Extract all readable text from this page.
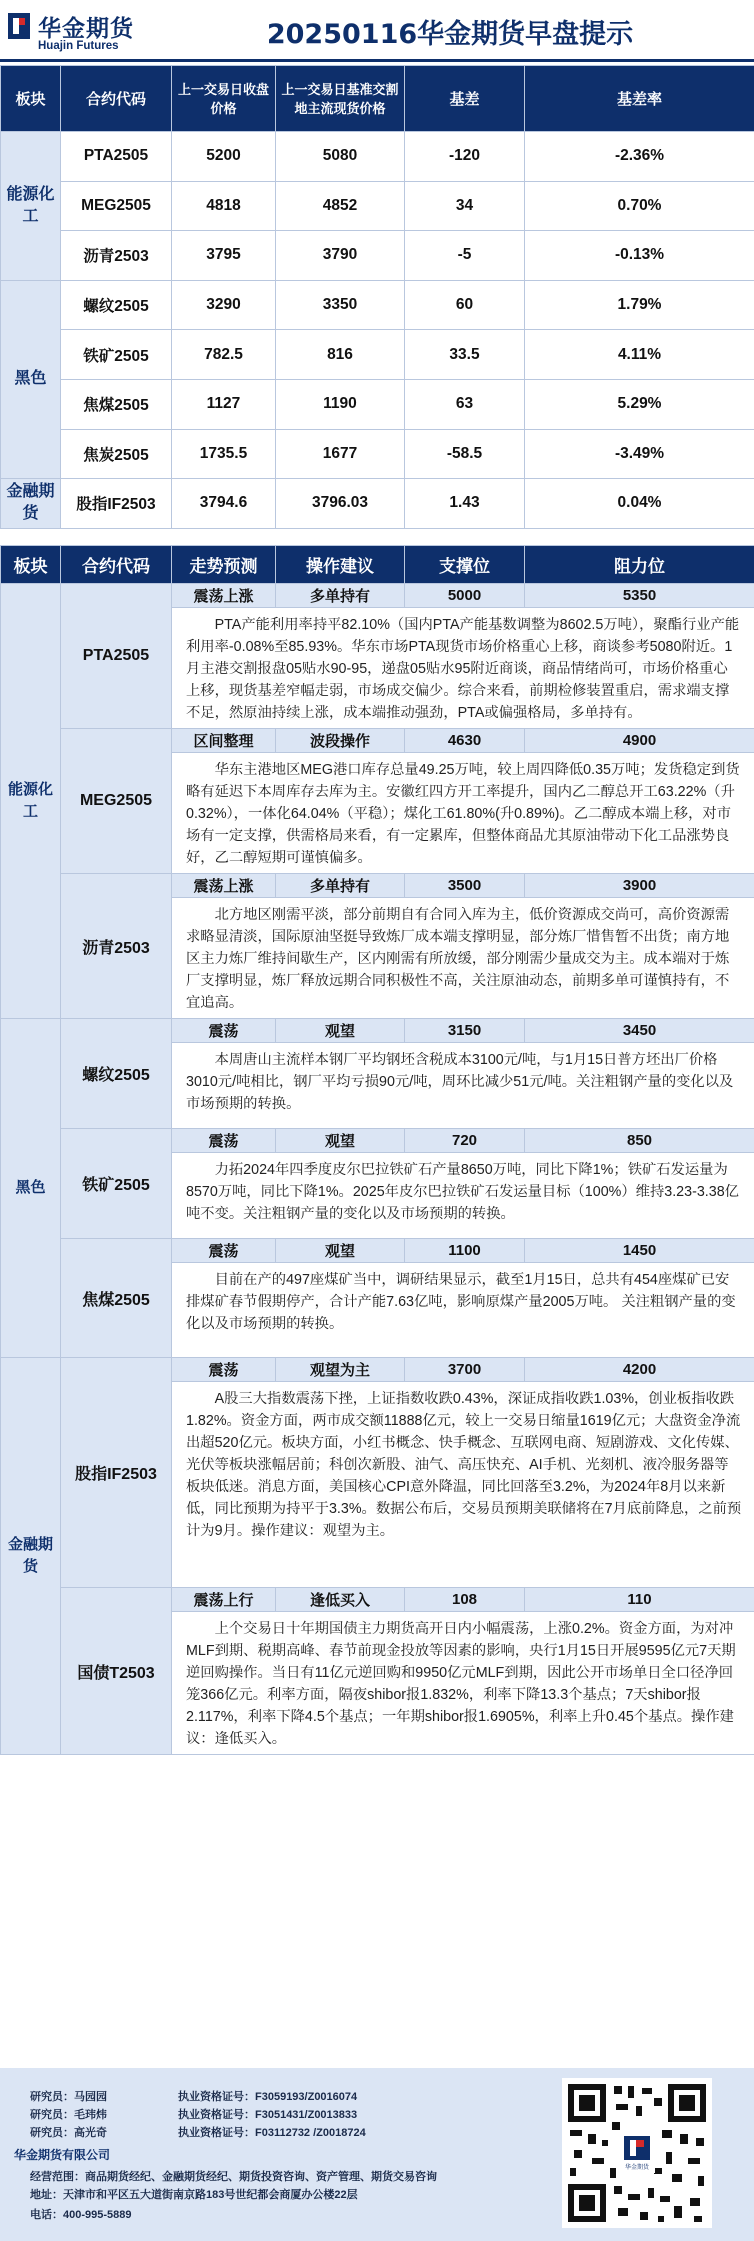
华金期货
Huajin Futures	20250116华金期货早盘提示
板块	合约代码	上一交易日收盘价格	上一交易日基准交割地主流现货价格	基差	基差率
能源化工	PTA2505	5200	5080	-120	-2.36%
	MEG2505	4818	4852	34	0.70%
	沥青2503	3795	3790	-5	-0.13%
黑色	螺纹2505	3290	3350	60	1.79%
	铁矿2505	782.5	816	33.5	4.11%
	焦煤2505	1127	1190	63	5.29%
	焦炭2505	1735.5	1677	-58.5	-3.49%
金融期货	股指IF2503	3794.6	3796.03	1.43	0.04%
板块	合约代码	走势预测	操作建议	支撑位	阻力位
能源化工	PTA2505	震荡上涨	多单持有	5000	5350
		PTA产能利用率持平82.10%（国内PTA产能基数调整为8602.5万吨），聚酯行业产能利用率-0.08%至85.93%。华东市场PTA现货市场价格重心上移，商谈参考5080附近。1月主港交割报盘05贴水90-95，递盘05贴水95附近商谈，商品情绪尚可，市场价格重心上移，现货基差窄幅走弱，市场成交偏少。综合来看，前期检修装置重启，需求端支撑不足，然原油持续上涨，成本端推动强劲，PTA或偏强格局，多单持有。			
	MEG2505	区间整理	波段操作	4630	4900
		华东主港地区MEG港口库存总量49.25万吨，较上周四降低0.35万吨；发货稳定到货略有延迟下本周库存去库为主。安徽红四方开工率提升，国内乙二醇总开工63.22%（升0.32%），一体化64.04%（平稳）；煤化工61.80%(升0.89%)。乙二醇成本端上移，对市场有一定支撑，供需格局来看，有一定累库，但整体商品尤其原油带动下化工品涨势良好，乙二醇短期可谨慎偏多。			
	沥青2503	震荡上涨	多单持有	3500	3900
		北方地区刚需平淡，部分前期自有合同入库为主，低价资源成交尚可，高价资源需求略显清淡，国际原油坚挺导致炼厂成本端支撑明显，部分炼厂惜售暂不出货；南方地区主力炼厂维持间歇生产，区内刚需有所放缓，部分刚需少量成交为主。成本端对于炼厂支撑明显，炼厂释放远期合同积极性不高，关注原油动态，前期多单可谨慎持有，不宜追高。			
黑色	螺纹2505	震荡	观望	3150	3450
		本周唐山主流样本钢厂平均钢坯含税成本3100元/吨，与1月15日普方坯出厂价格3010元/吨相比，钢厂平均亏损90元/吨，周环比减少51元/吨。关注粗钢产量的变化以及市场预期的转换。			
	铁矿2505	震荡	观望	720	850
		力拓2024年四季度皮尔巴拉铁矿石产量8650万吨，同比下降1%；铁矿石发运量为8570万吨，同比下降1%。2025年皮尔巴拉铁矿石发运量目标（100%）维持3.23-3.38亿吨不变。关注粗钢产量的变化以及市场预期的转换。			
	焦煤2505	震荡	观望	1100	1450
		目前在产的497座煤矿当中，调研结果显示，截至1月15日，总共有454座煤矿已安排煤矿春节假期停产，合计产能7.63亿吨，影响原煤产量2005万吨。 关注粗钢产量的变化以及市场预期的转换。			
金融期货	股指IF2503	震荡	观望为主	3700	4200
		A股三大指数震荡下挫，上证指数收跌0.43%，深证成指收跌1.03%，创业板指收跌1.82%。资金方面，两市成交额11888亿元，较上一交易日缩量1619亿元；大盘资金净流出超520亿元。板块方面，小红书概念、快手概念、互联网电商、短剧游戏、文化传媒、光伏等板块涨幅居前；科创次新股、油气、高压快充、AI手机、光刻机、液冷服务器等板块低迷。消息方面，美国核心CPI意外降温，同比回落至3.2%，为2024年8月以来新低，同比预期为持平于3.3%。数据公布后，交易员预期美联储将在7月底前降息，之前预计为9月。操作建议：观望为主。			
	国债T2503	震荡上行	逢低买入	108	110
		上个交易日十年期国债主力期货高开日内小幅震荡，上涨0.2%。资金方面，为对冲MLF到期、税期高峰、春节前现金投放等因素的影响，央行1月15日开展9595亿元7天期逆回购操作。当日有11亿元逆回购和9950亿元MLF到期，因此公开市场单日全口径净回笼366亿元。利率方面，隔夜shibor报1.832%，利率下降13.3个基点；7天shibor报2.117%，利率下降4.5个基点；一年期shibor报1.6905%，利率上升0.45个基点。操作建议：逢低买入。			
研究员：马园园	执业资格证号：F3059193/Z0016074
研究员：毛玮炜	执业资格证号：F3051431/Z0013833
研究员：高光奇	执业资格证号：F03112732 /Z0018724
华金期货有限公司
经营范围：商品期货经纪、金融期货经纪、期货投资咨询、资产管理、期货交易咨询
地址：天津市和平区五大道街南京路183号世纪都会商厦办公楼22层
电话：400-995-5889
华金期货
